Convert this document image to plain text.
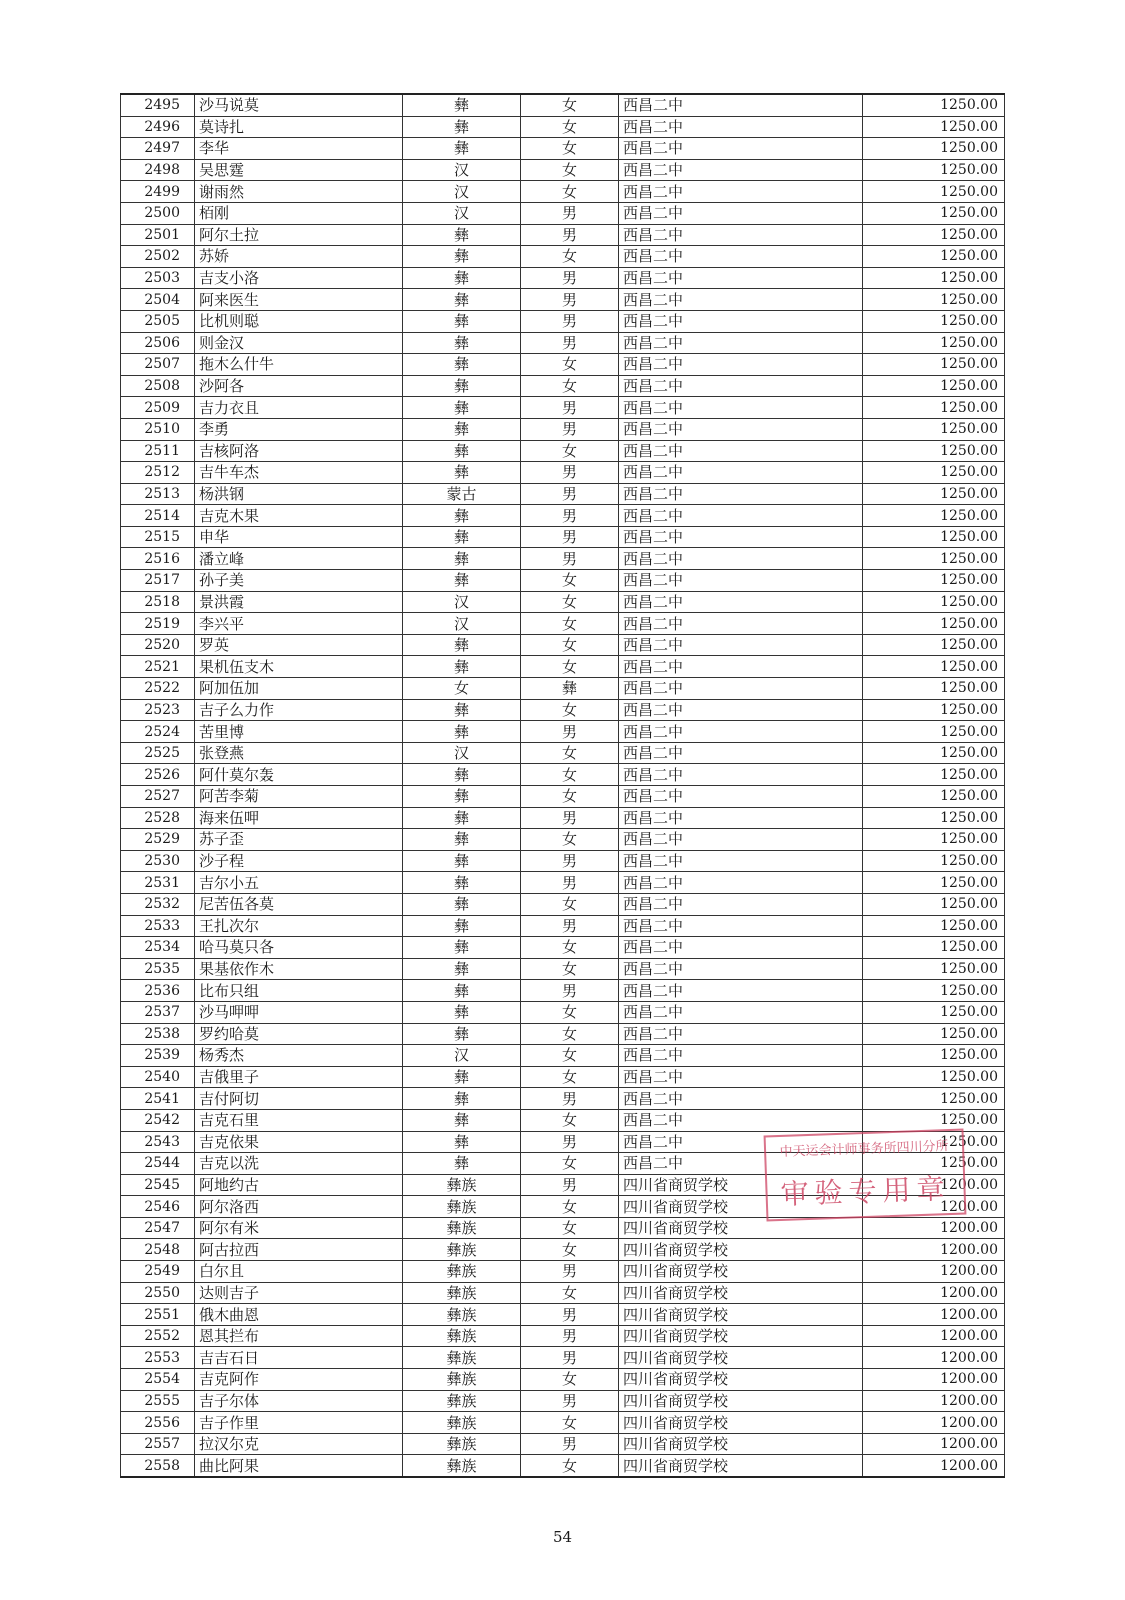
2495	沙马说莫	彝	女	西昌二中	1250.00
2496	莫诗扎	彝	女	西昌二中	1250.00
2497	李华	彝	女	西昌二中	1250.00
2498	吴思霆	汉	女	西昌二中	1250.00
2499	谢雨然	汉	女	西昌二中	1250.00
2500	栢刚	汉	男	西昌二中	1250.00
2501	阿尔土拉	彝	男	西昌二中	1250.00
2502	苏娇	彝	女	西昌二中	1250.00
2503	吉支小洛	彝	男	西昌二中	1250.00
2504	阿来医生	彝	男	西昌二中	1250.00
2505	比机则聪	彝	男	西昌二中	1250.00
2506	则金汉	彝	男	西昌二中	1250.00
2507	拖木么什牛	彝	女	西昌二中	1250.00
2508	沙阿各	彝	女	西昌二中	1250.00
2509	吉力衣且	彝	男	西昌二中	1250.00
2510	李勇	彝	男	西昌二中	1250.00
2511	吉核阿洛	彝	女	西昌二中	1250.00
2512	吉牛车杰	彝	男	西昌二中	1250.00
2513	杨洪钢	蒙古	男	西昌二中	1250.00
2514	吉克木果	彝	男	西昌二中	1250.00
2515	申华	彝	男	西昌二中	1250.00
2516	潘立峰	彝	男	西昌二中	1250.00
2517	孙子美	彝	女	西昌二中	1250.00
2518	景洪霞	汉	女	西昌二中	1250.00
2519	李兴平	汉	女	西昌二中	1250.00
2520	罗英	彝	女	西昌二中	1250.00
2521	果机伍支木	彝	女	西昌二中	1250.00
2522	阿加伍加	女	彝	西昌二中	1250.00
2523	吉子么力作	彝	女	西昌二中	1250.00
2524	苦里博	彝	男	西昌二中	1250.00
2525	张登燕	汉	女	西昌二中	1250.00
2526	阿什莫尔轰	彝	女	西昌二中	1250.00
2527	阿苦李菊	彝	女	西昌二中	1250.00
2528	海来伍呷	彝	男	西昌二中	1250.00
2529	苏子歪	彝	女	西昌二中	1250.00
2530	沙子程	彝	男	西昌二中	1250.00
2531	吉尔小五	彝	男	西昌二中	1250.00
2532	尼苦伍各莫	彝	女	西昌二中	1250.00
2533	王扎次尔	彝	男	西昌二中	1250.00
2534	哈马莫只各	彝	女	西昌二中	1250.00
2535	果基依作木	彝	女	西昌二中	1250.00
2536	比布只组	彝	男	西昌二中	1250.00
2537	沙马呷呷	彝	女	西昌二中	1250.00
2538	罗约哈莫	彝	女	西昌二中	1250.00
2539	杨秀杰	汉	女	西昌二中	1250.00
2540	吉俄里子	彝	女	西昌二中	1250.00
2541	吉付阿切	彝	男	西昌二中	1250.00
2542	吉克石里	彝	女	西昌二中	1250.00
2543	吉克依果	彝	男	西昌二中	1250.00
2544	吉克以洗	彝	女	西昌二中	1250.00
2545	阿地约古	彝族	男	四川省商贸学校	1200.00
2546	阿尔洛西	彝族	女	四川省商贸学校	1200.00
2547	阿尔有米	彝族	女	四川省商贸学校	1200.00
2548	阿古拉西	彝族	女	四川省商贸学校	1200.00
2549	白尔且	彝族	男	四川省商贸学校	1200.00
2550	达则吉子	彝族	女	四川省商贸学校	1200.00
2551	俄木曲恩	彝族	男	四川省商贸学校	1200.00
2552	恩其拦布	彝族	男	四川省商贸学校	1200.00
2553	吉吉石日	彝族	男	四川省商贸学校	1200.00
2554	吉克阿作	彝族	女	四川省商贸学校	1200.00
2555	吉子尔体	彝族	男	四川省商贸学校	1200.00
2556	吉子作里	彝族	女	四川省商贸学校	1200.00
2557	拉汉尔克	彝族	男	四川省商贸学校	1200.00
2558	曲比阿果	彝族	女	四川省商贸学校	1200.00
中天运会计师事务所四川分所
审验专用章
54
